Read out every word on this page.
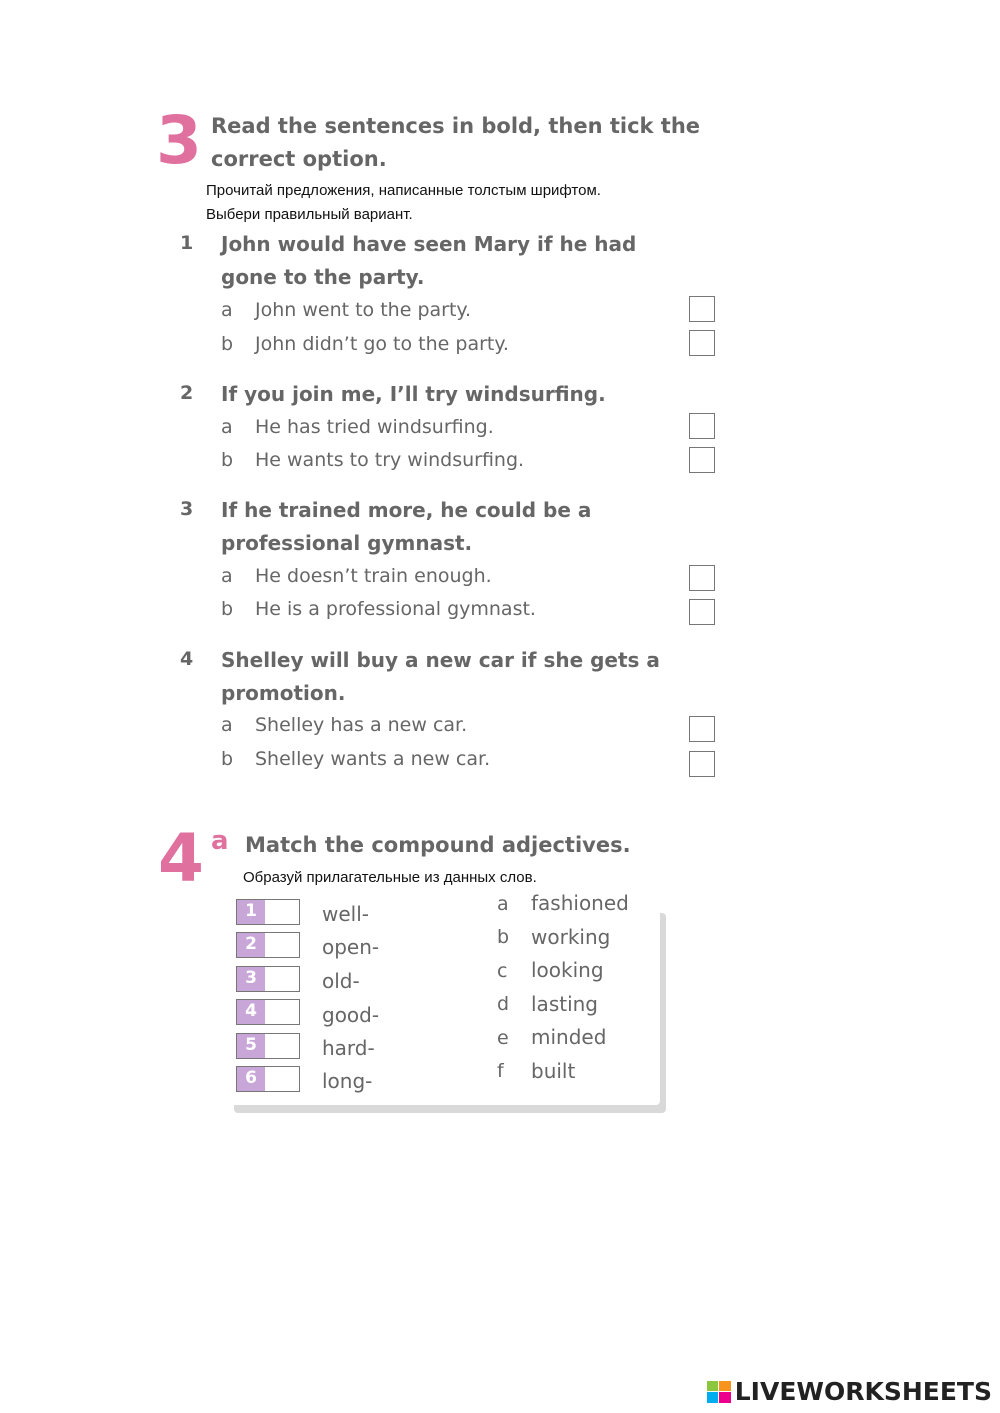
3 Read the sentences in bold, then tick the
correct option.
Прочитай предложения, написанные толстым шрифтом.
Выбери правильный вариант.
1 John would have seen Mary if he had
gone to the party.
a John went to the party.
b John didn’t go to the party.
2 If you join me, I’ll try windsurfing.
a He has tried windsurfing.
b He wants to try windsurfing.
3 If he trained more, he could be a
professional gymnast.
a He doesn’t train enough.
b He is a professional gymnast.
4 Shelley will buy a new car if she gets a
promotion.
a Shelley has a new car.
b Shelley wants a new car.
4 a Match the compound adjectives.
Образуй прилагательные из данных слов.
1	well-
2	open-
3	old-
4	good-
5	hard-
6	long-
a fashioned
b working
c looking
d lasting
e minded
f built
LIVEWORKSHEETS
